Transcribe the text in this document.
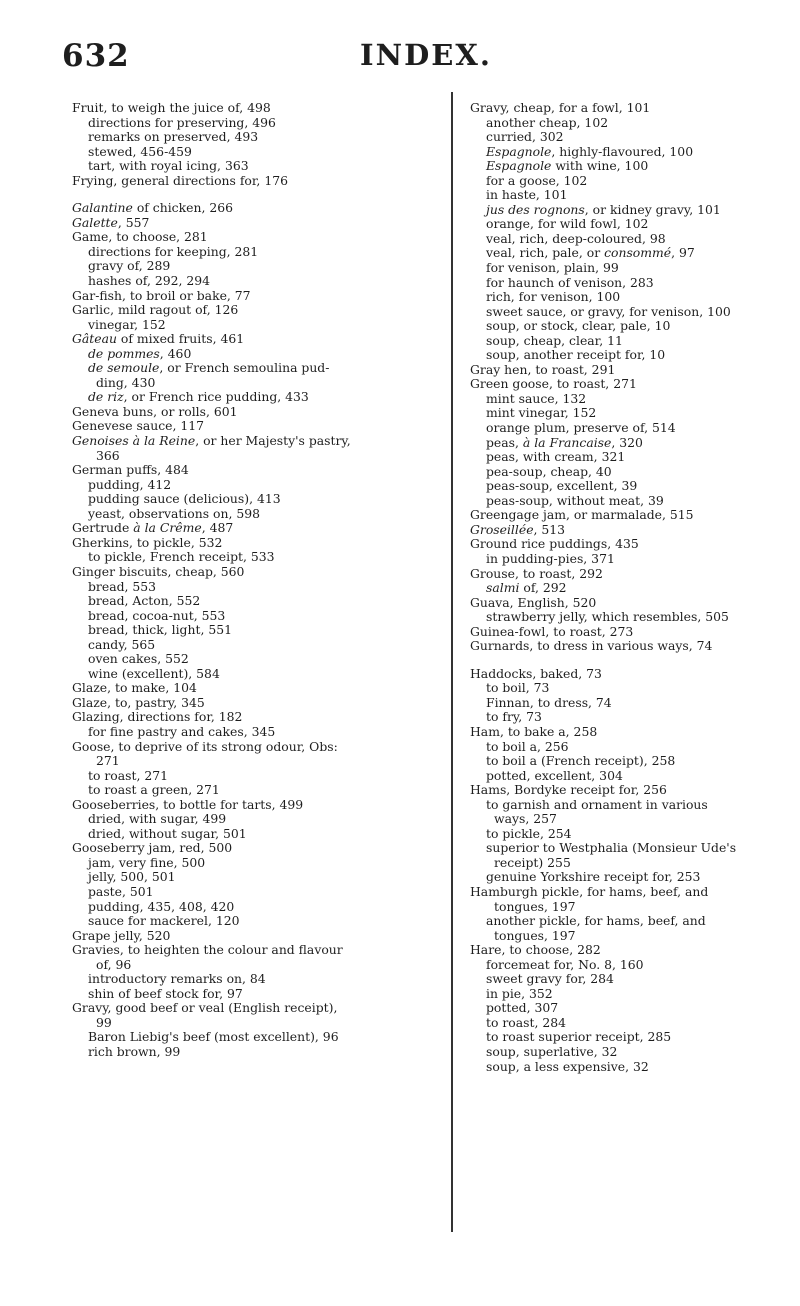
632	INDEX.
Fruit, to weigh the juice of, 498
directions for preserving, 496
remarks on preserved, 493
stewed, 456-459
tart, with royal icing, 363
Frying, general directions for, 176
Galantine of chicken, 266
Galette, 557
Game, to choose, 281
directions for keeping, 281
gravy of, 289
hashes of, 292, 294
Gar-fish, to broil or bake, 77
Garlic, mild ragout of, 126
vinegar, 152
Gâteau of mixed fruits, 461
de pommes, 460
de semoule, or French semoulina pud-
ding, 430
de riz, or French rice pudding, 433
Geneva buns, or rolls, 601
Genevese sauce, 117
Genoises à la Reine, or her Majesty's pastry,
366
German puffs, 484
pudding, 412
pudding sauce (delicious), 413
yeast, observations on, 598
Gertrude à la Crême, 487
Gherkins, to pickle, 532
to pickle, French receipt, 533
Ginger biscuits, cheap, 560
bread, 553
bread, Acton, 552
bread, cocoa-nut, 553
bread, thick, light, 551
candy, 565
oven cakes, 552
wine (excellent), 584
Glaze, to make, 104
Glaze, to, pastry, 345
Glazing, directions for, 182
for fine pastry and cakes, 345
Goose, to deprive of its strong odour, Obs:
271
to roast, 271
to roast a green, 271
Gooseberries, to bottle for tarts, 499
dried, with sugar, 499
dried, without sugar, 501
Gooseberry jam, red, 500
jam, very fine, 500
jelly, 500, 501
paste, 501
pudding, 435, 408, 420
sauce for mackerel, 120
Grape jelly, 520
Gravies, to heighten the colour and flavour
of, 96
introductory remarks on, 84
shin of beef stock for, 97
Gravy, good beef or veal (English receipt),
99
Baron Liebig's beef (most excellent), 96
rich brown, 99
Gravy, cheap, for a fowl, 101
another cheap, 102
curried, 302
Espagnole, highly-flavoured, 100
Espagnole with wine, 100
for a goose, 102
in haste, 101
jus des rognons, or kidney gravy, 101
orange, for wild fowl, 102
veal, rich, deep-coloured, 98
veal, rich, pale, or consommé, 97
for venison, plain, 99
for haunch of venison, 283
rich, for venison, 100
sweet sauce, or gravy, for venison, 100
soup, or stock, clear, pale, 10
soup, cheap, clear, 11
soup, another receipt for, 10
Gray hen, to roast, 291
Green goose, to roast, 271
mint sauce, 132
mint vinegar, 152
orange plum, preserve of, 514
peas, à la Francaise, 320
peas, with cream, 321
pea-soup, cheap, 40
peas-soup, excellent, 39
peas-soup, without meat, 39
Greengage jam, or marmalade, 515
Groseillée, 513
Ground rice puddings, 435
in pudding-pies, 371
Grouse, to roast, 292
salmi of, 292
Guava, English, 520
strawberry jelly, which resembles, 505
Guinea-fowl, to roast, 273
Gurnards, to dress in various ways, 74
Haddocks, baked, 73
to boil, 73
Finnan, to dress, 74
to fry, 73
Ham, to bake a, 258
to boil a, 256
to boil a (French receipt), 258
potted, excellent, 304
Hams, Bordyke receipt for, 256
to garnish and ornament in various
ways, 257
to pickle, 254
superior to Westphalia (Monsieur Ude's
receipt) 255
genuine Yorkshire receipt for, 253
Hamburgh pickle, for hams, beef, and
tongues, 197
another pickle, for hams, beef, and
tongues, 197
Hare, to choose, 282
forcemeat for, No. 8, 160
sweet gravy for, 284
in pie, 352
potted, 307
to roast, 284
to roast superior receipt, 285
soup, superlative, 32
soup, a less expensive, 32
